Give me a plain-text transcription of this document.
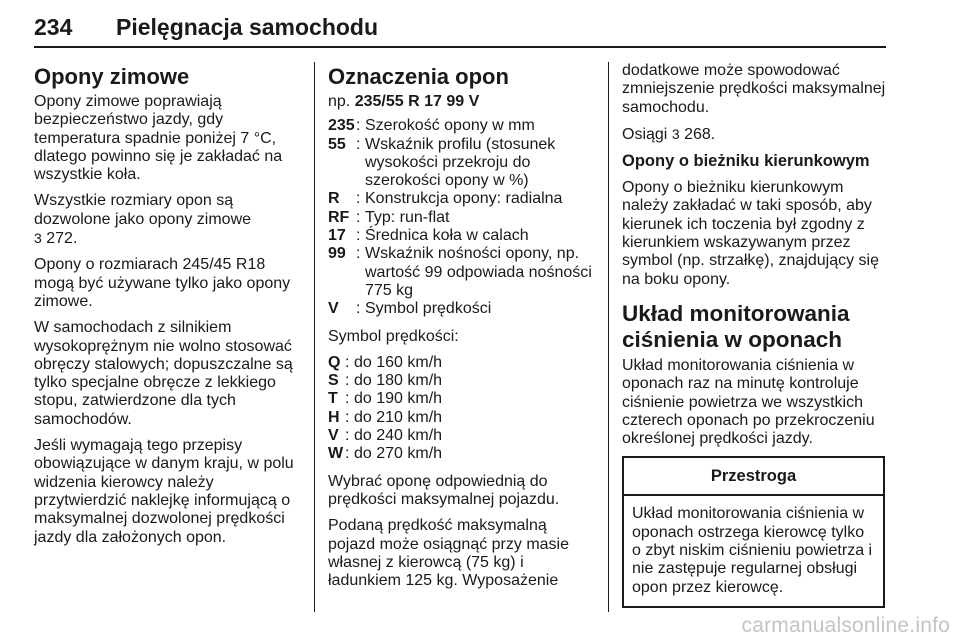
234 Pielęgnacja samochodu
Opony zimowe

Opony zimowe poprawiają bezpieczeństwo jazdy, gdy temperatura spadnie poniżej 7 °C, dlatego powinno się je zakładać na wszystkie koła.

Wszystkie rozmiary opon są dozwolone jako opony zimowe
3 272.

Opony o rozmiarach 245/45 R18 mogą być używane tylko jako opony zimowe.

W samochodach z silnikiem wysokoprężnym nie wolno stosować obręczy stalowych; dopuszczalne są tylko specjalne obręcze z lekkiego stopu, zatwierdzone dla tych samochodów.

Jeśli wymagają tego przepisy obowiązujące w danym kraju, w polu widzenia kierowcy należy przytwierdzić naklejkę informującą o maksymalnej dozwolonej prędkości jazdy dla założonych opon.

Oznaczenia opon
np. 235/55 R 17 99 V
235 : Szerokość opony w mm
55 : Wskaźnik profilu (stosunek wysokości przekroju do szerokości opony w %)
R	: Konstrukcja opony: radialna
RF : Typ: run-flat
17 : Średnica koła w calach
99 : Wskaźnik nośności opony, np. wartość 99 odpowiada nośności 775 kg
V	: Symbol prędkości

Symbol prędkości:

Q : do 160 km/h
S : do 180 km/h
T : do 190 km/h
H : do 210 km/h
V : do 240 km/h
W : do 270 km/h

Wybrać oponę odpowiednią do prędkości maksymalnej pojazdu.

Podaną prędkość maksymalną pojazd może osiągnąć przy masie własnej z kierowcą (75 kg) i ładunkiem 125 kg. Wyposażenie

dodatkowe może spowodować zmniejszenie prędkości maksymalnej samochodu.

Osiągi 3 268.

Opony o bieżniku kierunkowym

Opony o bieżniku kierunkowym należy zakładać w taki sposób, aby kierunek ich toczenia był zgodny z kierunkiem wskazywanym przez symbol (np. strzałkę), znajdujący się na boku opony.

Układ monitorowania ciśnienia w oponach

Układ monitorowania ciśnienia w oponach raz na minutę kontroluje ciśnienie powietrza we wszystkich czterech oponach po przekroczeniu określonej prędkości jazdy.

Przestroga
Układ monitorowania ciśnienia w oponach ostrzega kierowcę tylko o zbyt niskim ciśnieniu powietrza i nie zastępuje regularnej obsługi opon przez kierowcę.
carmanualsonline.info
